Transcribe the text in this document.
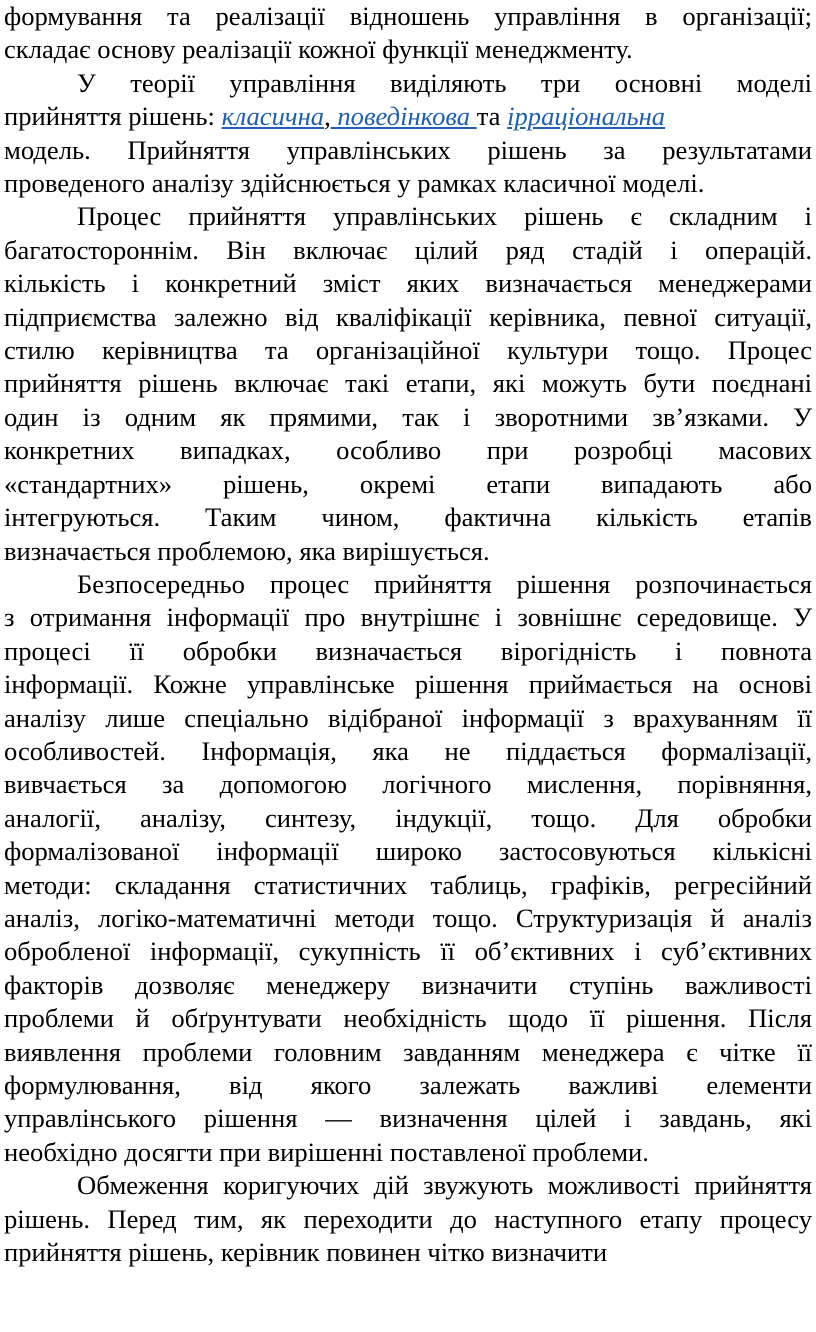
формування та реалізації відношень управління в організації;
складає основу реалізації кожної функції менеджменту.
У теорії управління виділяють три основні моделі
прийняття рішень: класична, поведінкова та ірраціональна
модель. Прийняття управлінських рішень за результатами
проведеного аналізу здійснюється у рамках класичної моделі.
Процес прийняття управлінських рішень є складним і
багатостороннім. Він включає цілий ряд стадій і операцій.
кількість і конкретний зміст яких визначається менеджерами
підприємства залежно від кваліфікації керівника, певної ситуації,
стилю керівництва та організаційної культури тощо. Процес
прийняття рішень включає такі етапи, які можуть бути поєднані
один із одним як прямими, так і зворотними зв’язками. У
конкретних випадках, особливо при розробці масових
«стандартних» рішень, окремі етапи випадають або
інтегруються. Таким чином, фактична кількість етапів
визначається проблемою, яка вирішується.
Безпосередньо процес прийняття рішення розпочинається
з отримання інформації про внутрішнє і зовнішнє середовище. У
процесі її обробки визначається вірогідність і повнота
інформації. Кожне управлінське рішення приймається на основі
аналізу лише спеціально відібраної інформації з врахуванням її
особливостей. Інформація, яка не піддається формалізації,
вивчається за допомогою логічного мислення, порівняння,
аналогії, аналізу, синтезу, індукції, тощо. Для обробки
формалізованої інформації широко застосовуються кількісні
методи: складання статистичних таблиць, графіків, регресійний
аналіз, логіко-математичні методи тощо. Структуризація й аналіз
обробленої інформації, сукупність її об’єктивних і суб’єктивних
факторів дозволяє менеджеру визначити ступінь важливості
проблеми й обґрунтувати необхідність щодо її рішення. Після
виявлення проблеми головним завданням менеджера є чітке її
формулювання, від якого залежать важливі елементи
управлінського рішення — визначення цілей і завдань, які
необхідно досягти при вирішенні поставленої проблеми.
Обмеження коригуючих дій звужують можливості прийняття
рішень. Перед тим, як переходити до наступного етапу процесу
прийняття рішень, керівник повинен чітко визначити
